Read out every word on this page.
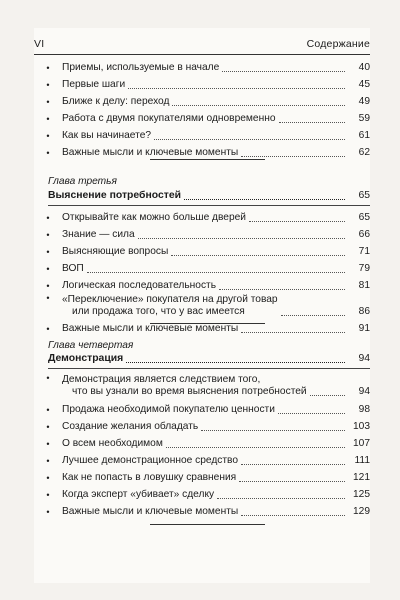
VI	Содержание
•	Приемы, используемые в начале	40
•	Первые шаги	45
•	Ближе к делу: переход	49
•	Работа с двумя покупателями одновременно	59
•	Как вы начинаете?	61
•	Важные мысли и ключевые моменты	62
Глава третья
Выяснение потребностей	65
•	Открывайте как можно больше дверей	65
•	Знание — сила	66
•	Выясняющие вопросы	71
•	ВОП	79
•	Логическая последовательность	81
•	«Переключение» покупателя на другой товар
или продажа того, что у вас имеется	86
•	Важные мысли и ключевые моменты	91
Глава четвертая
Демонстрация	94
•	Демонстрация является следствием того,
что вы узнали во время выяснения потребностей	94
•	Продажа необходимой покупателю ценности	98
•	Создание желания обладать	103
•	О всем необходимом	107
•	Лучшее демонстрационное средство	111
•	Как не попасть в ловушку сравнения	121
•	Когда эксперт «убивает» сделку	125
•	Важные мысли и ключевые моменты	129
